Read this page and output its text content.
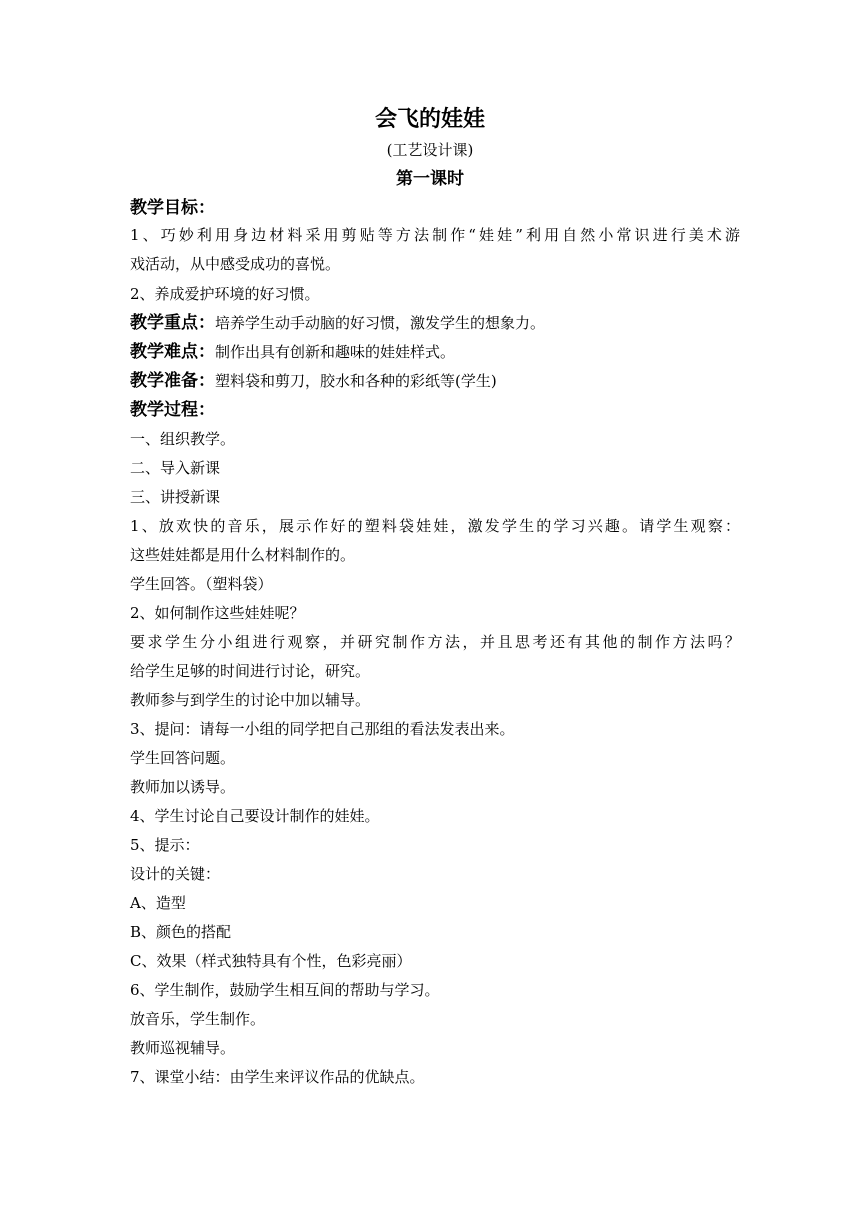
会飞的娃娃
(工艺设计课)
第一课时
教学目标：
1、巧妙利用身边材料采用剪贴等方法制作“娃娃”利用自然小常识进行美术游
戏活动，从中感受成功的喜悦。
2、养成爱护环境的好习惯。
教学重点：培养学生动手动脑的好习惯，激发学生的想象力。
教学难点：制作出具有创新和趣味的娃娃样式。
教学准备：塑料袋和剪刀，胶水和各种的彩纸等(学生)
教学过程：
一、组织教学。
二、导入新课
三、讲授新课
1、放欢快的音乐，展示作好的塑料袋娃娃，激发学生的学习兴趣。请学生观察：
这些娃娃都是用什么材料制作的。
学生回答。（塑料袋）
2、如何制作这些娃娃呢？
要求学生分小组进行观察，并研究制作方法，并且思考还有其他的制作方法吗？
给学生足够的时间进行讨论，研究。
教师参与到学生的讨论中加以辅导。
3、提问：请每一小组的同学把自己那组的看法发表出来。
学生回答问题。
教师加以诱导。
4、学生讨论自己要设计制作的娃娃。
5、提示：
设计的关键：
A、造型
B、颜色的搭配
C、效果（样式独特具有个性，色彩亮丽）
6、学生制作，鼓励学生相互间的帮助与学习。
放音乐，学生制作。
教师巡视辅导。
7、课堂小结：由学生来评议作品的优缺点。
